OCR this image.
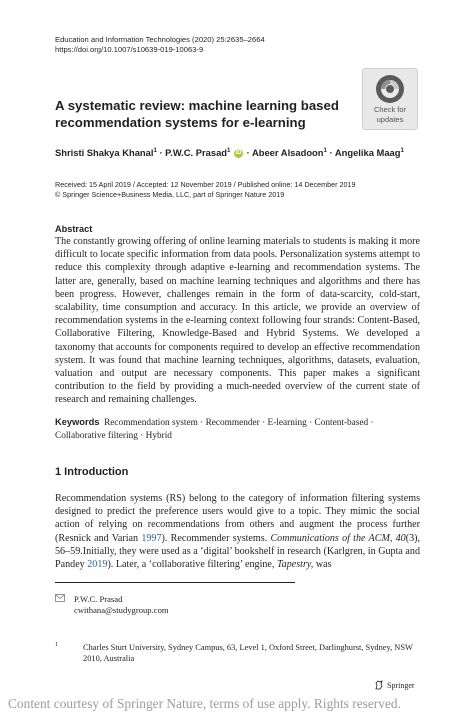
Education and Information Technologies (2020) 25:2635–2664
https://doi.org/10.1007/s10639-019-10063-9
Check for
updates
A systematic review: machine learning based recommendation systems for e-learning
Shristi Shakya Khanal$^1$ · P.W.C. Prasad$^1$ iD · Abeer Alsadoon$^1$ · Angelika Maag$^1$
Received: 15 April 2019 / Accepted: 12 November 2019 / Published online: 14 December 2019
© Springer Science+Business Media, LLC, part of Springer Nature 2019
Abstract
The constantly growing offering of online learning materials to students is making it more difficult to locate specific information from data pools. Personalization systems attempt to reduce this complexity through adaptive e-learning and recommendation systems. The latter are, generally, based on machine learning techniques and algorithms and there has been progress. However, challenges remain in the form of data-scarcity, cold-start, scalability, time consumption and accuracy. In this article, we provide an overview of recommendation systems in the e-learning context following four strands: Content-Based, Collaborative Filtering, Knowledge-Based and Hybrid Systems. We developed a taxonomy that accounts for components required to develop an effective recommendation system. It was found that machine learning techniques, algorithms, datasets, evaluation, valuation and output are necessary components. This paper makes a significant contribution to the field by providing a much-needed overview of the current state of research and remaining challenges.
Keywords Recommendation system · Recommender · E-learning · Content-based · Collaborative filtering · Hybrid
1 Introduction
Recommendation systems (RS) belong to the category of information filtering systems designed to predict the preference users would give to a topic. They mimic the social action of relying on recommendations from others and augment the process further (Resnick and Varian 1997). Recommender systems. Communications of the ACM, 40(3), 56–59.Initially, they were used as a ‘digital’ bookshelf in research (Karlgren, in Gupta and Pandey 2019). Later, a ‘collaborative filtering’ engine, Tapestry, was
P.W.C. Prasad
cwithana@studygroup.com
1	Charles Sturt University, Sydney Campus, 63, Level 1, Oxford Street, Darlinghurst, Sydney, NSW 2010, Australia
Springer
Content courtesy of Springer Nature, terms of use apply. Rights reserved.
